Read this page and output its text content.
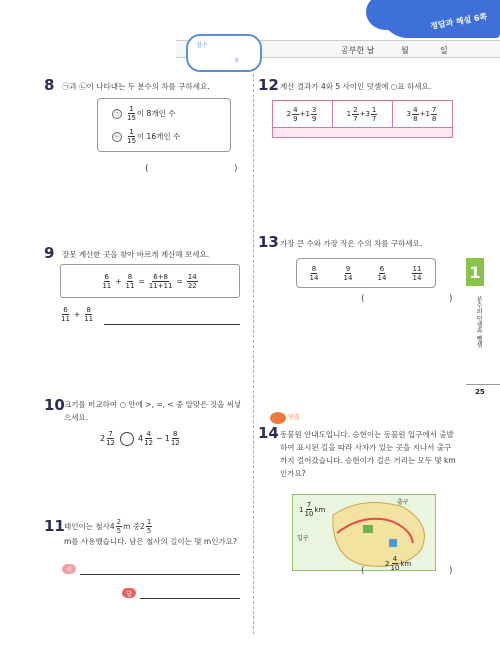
정답과 해설 6쪽
점수
점
공부한 날	월	일
8 ㉠과 ㉡이 나타내는 두 분수의 차를 구하세요.
㉠	$\frac{1}{15}$ 이 8개인 수
㉡	$\frac{1}{15}$ 이 16개인 수
(	)
9 잘못 계산한 곳을 찾아 바르게 계산해 보세요.
$\frac{6}{11} + \frac{8}{11} = \frac{6+8}{11+11} = \frac{14}{22}$
$\frac{6}{11} + \frac{8}{11}$
10 크기를 비교하여 ○ 안에 >, =, < 중 알맞은 것을 써넣으세요.
$2 \frac{7}{12}$	$4 \frac{4}{12} - 1 \frac{8}{12}$
11 태인이는 철사 $4 \frac{2}{5}$ m 중 $2 \frac{1}{5}$
m를 사용했습니다. 남은 철사의 길이는 몇 m인가요?
식
답
12 계산 결과가 4와 5 사이인 덧셈에 ○표 하세요.
$2 \frac{4}{9} + 1 \frac{3}{9}$	$1 \frac{2}{7} + 3 \frac{1}{7}$	$3 \frac{4}{8} + 1 \frac{7}{8}$
13 가장 큰 수와 가장 작은 수의 차를 구하세요.
$\frac{8}{14}$	$\frac{9}{14}$	$\frac{6}{14}$	$\frac{11}{14}$
(	)
1
분수의 덧셈과 뺄셈
25
연결
14 동물원 안내도입니다. 승현이는 동물원 입구에서 출발하여 표시된 길을 따라 사자가 있는 곳을 지나서 출구까지 걸어갔습니다. 승현이가 걸은 거리는 모두 몇 km인가요?
$1 \frac{7}{10}$ km
입구
출구
$2 \frac{4}{10}$ km
(	)
